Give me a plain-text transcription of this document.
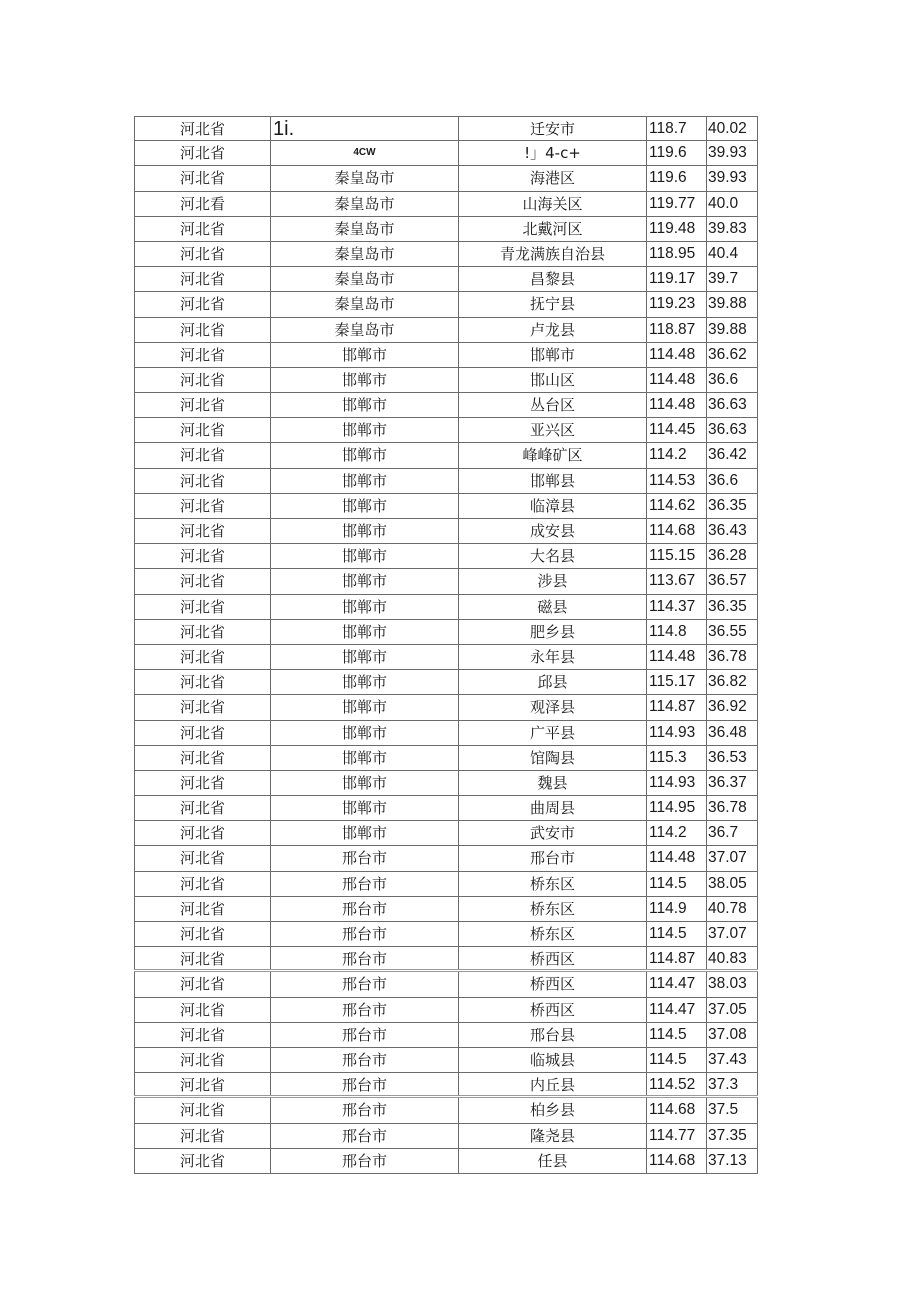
河北省	1i.	迁安市	118.7	40.02
河北省	4CW	!」4-c+	119.6	39.93
河北省	秦皇岛市	海港区	119.6	39.93
河北看	秦皇岛市	山海关区	119.77 40.0
河北省	秦皇岛市	北戴河区	119.48 39.83
河北省	秦皇岛市	青龙满族自治县	118.95 40.4
河北省	秦皇岛市	昌黎县	119.17 39.7
河北省	秦皇岛市	抚宁县	119.23 39.88
河北省	秦皇岛市	卢龙县	118.87 39.88
河北省	邯郸市	邯郸市	114.48 36.62
河北省	邯郸市	邯山区	114.48 36.6
河北省	邯郸市	丛台区	114.48 36.63
河北省	邯郸市	亚兴区	114.45 36.63
河北省	邯郸市	峰峰矿区	114.2	36.42
河北省	邯郸市	邯郸县	114.53 36.6
河北省	邯郸市	临漳县	114.62 36.35
河北省	邯郸市	成安县	114.68 36.43
河北省	邯郸市	大名县	115.15 36.28
河北省	邯郸市	涉县	113.67 36.57
河北省	邯郸市	磁县	114.37 36.35
河北省	邯郸市	肥乡县	114.8	36.55
河北省	邯郸市	永年县	114.48 36.78
河北省	邯郸市	邱县	115.17 36.82
河北省	邯郸市	观泽县	114.87 36.92
河北省	邯郸市	广平县	114.93 36.48
河北省	邯郸市	馆陶县	115.3	36.53
河北省	邯郸市	魏县	114.93 36.37
河北省	邯郸市	曲周县	114.95 36.78
河北省	邯郸市	武安市	114.2	36.7
河北省	邢台市	邢台市	114.48 37.07
河北省	邢台市	桥东区	114.5	38.05
河北省	邢台市	桥东区	114.9	40.78
河北省	邢台市	桥东区	114.5	37.07
河北省	邢台市	桥西区	114.87 40.83
河北省	邢台市	桥西区	114.47 38.03
河北省	邢台市	桥西区	114.47 37.05
河北省	邢台市	邢台县	114.5	37.08
河北省	邢台市	临城县	114.5	37.43
河北省	邢台市	内丘县	114.52 37.3
河北省	邢台市	柏乡县	114.68 37.5
河北省	邢台市	隆尧县	114.77 37.35
河北省	邢台市	任县	114.68 37.13
